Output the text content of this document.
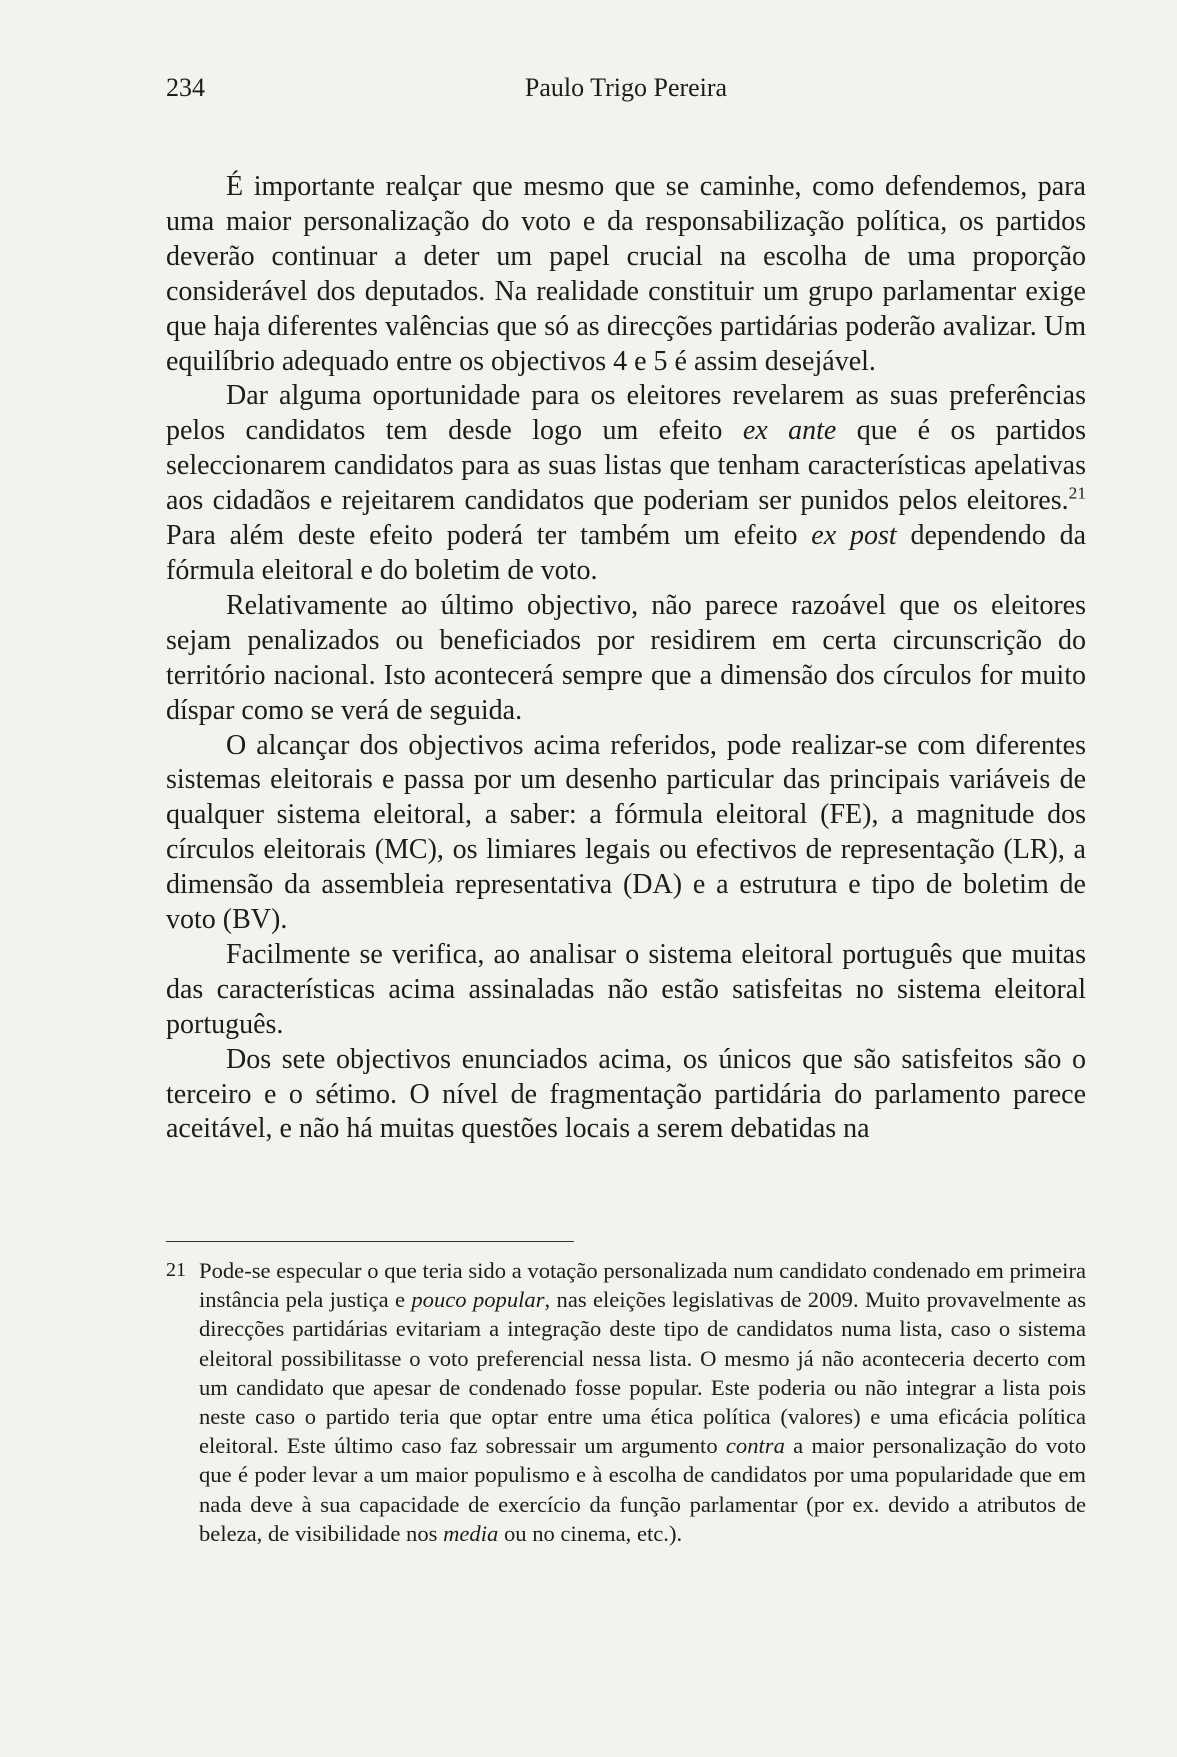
234	Paulo Trigo Pereira

É importante realçar que mesmo que se caminhe, como defendemos, para uma maior personalização do voto e da responsabilização política, os partidos deverão continuar a deter um papel crucial na escolha de uma proporção considerável dos deputados. Na realidade constituir um grupo parlamentar exige que haja diferentes valências que só as direcções partidárias poderão avalizar. Um equilíbrio adequado entre os objectivos 4 e 5 é assim desejável.

Dar alguma oportunidade para os eleitores revelarem as suas preferências pelos candidatos tem desde logo um efeito ex ante que é os partidos seleccionarem candidatos para as suas listas que tenham características apelativas aos cidadãos e rejeitarem candidatos que poderiam ser punidos pelos eleitores.$^{21}$ Para além deste efeito poderá ter também um efeito ex post dependendo da fórmula eleitoral e do boletim de voto.

Relativamente ao último objectivo, não parece razoável que os eleitores sejam penalizados ou beneficiados por residirem em certa circunscrição do território nacional. Isto acontecerá sempre que a dimensão dos círculos for muito díspar como se verá de seguida.

O alcançar dos objectivos acima referidos, pode realizar-se com diferentes sistemas eleitorais e passa por um desenho particular das principais variáveis de qualquer sistema eleitoral, a saber: a fórmula eleitoral (FE), a magnitude dos círculos eleitorais (MC), os limiares legais ou efectivos de representação (LR), a dimensão da assembleia representativa (DA) e a estrutura e tipo de boletim de voto (BV).

Facilmente se verifica, ao analisar o sistema eleitoral português que muitas das características acima assinaladas não estão satisfeitas no sistema eleitoral português.

Dos sete objectivos enunciados acima, os únicos que são satisfeitos são o terceiro e o sétimo. O nível de fragmentação partidária do parlamento parece aceitável, e não há muitas questões locais a serem debatidas na

21 Pode-se especular o que teria sido a votação personalizada num candidato condenado em primeira instância pela justiça e pouco popular, nas eleições legislativas de 2009. Muito provavelmente as direcções partidárias evitariam a integração deste tipo de candidatos numa lista, caso o sistema eleitoral possibilitasse o voto preferencial nessa lista. O mesmo já não aconteceria decerto com um candidato que apesar de condenado fosse popular. Este poderia ou não integrar a lista pois neste caso o partido teria que optar entre uma ética política (valores) e uma eficácia política eleitoral. Este último caso faz sobressair um argumento contra a maior personalização do voto que é poder levar a um maior populismo e à escolha de candidatos por uma popularidade que em nada deve à sua capacidade de exercício da função parlamentar (por ex. devido a atributos de beleza, de visibilidade nos media ou no cinema, etc.).
